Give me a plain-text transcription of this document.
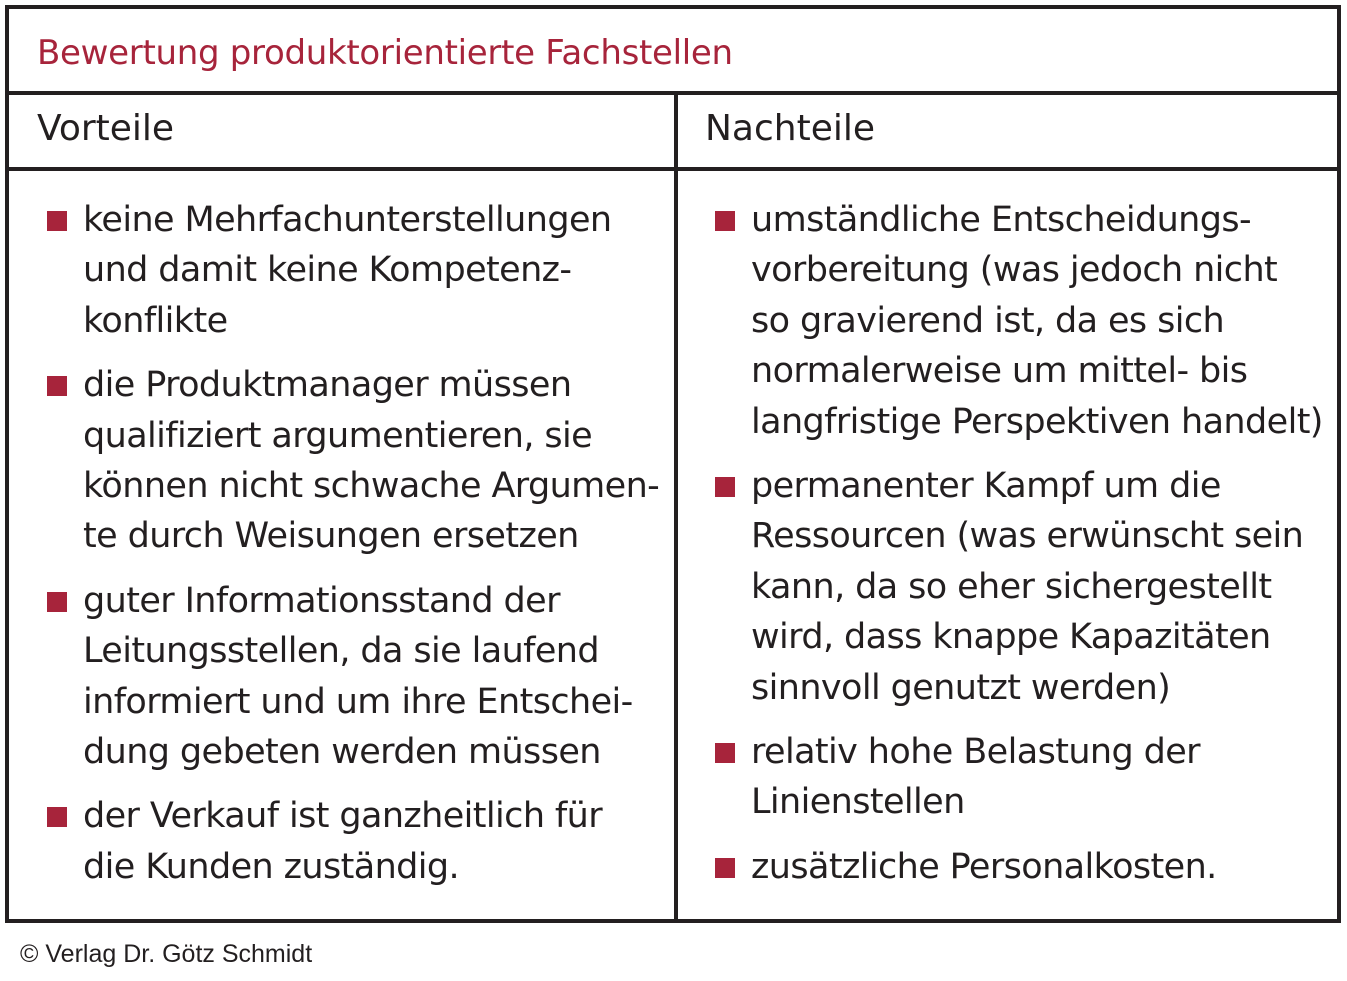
Bewertung produktorientierte Fachstellen
Vorteile	Nachteile
keine Mehrfachunterstellungen
und damit keine Kompetenz-
konflikte
die Produktmanager müssen
qualifiziert argumentieren, sie
können nicht schwache Argumen-
te durch Weisungen ersetzen
guter Informationsstand der
Leitungsstellen, da sie laufend
informiert und um ihre Entschei-
dung gebeten werden müssen
der Verkauf ist ganzheitlich für
die Kunden zuständig.
umständliche Entscheidungs-
vorbereitung (was jedoch nicht
so gravierend ist, da es sich
normalerweise um mittel- bis
langfristige Perspektiven handelt)
permanenter Kampf um die
Ressourcen (was erwünscht sein
kann, da so eher sichergestellt
wird, dass knappe Kapazitäten
sinnvoll genutzt werden)
relativ hohe Belastung der
Linienstellen
zusätzliche Personalkosten.
© Verlag Dr. Götz Schmidt
